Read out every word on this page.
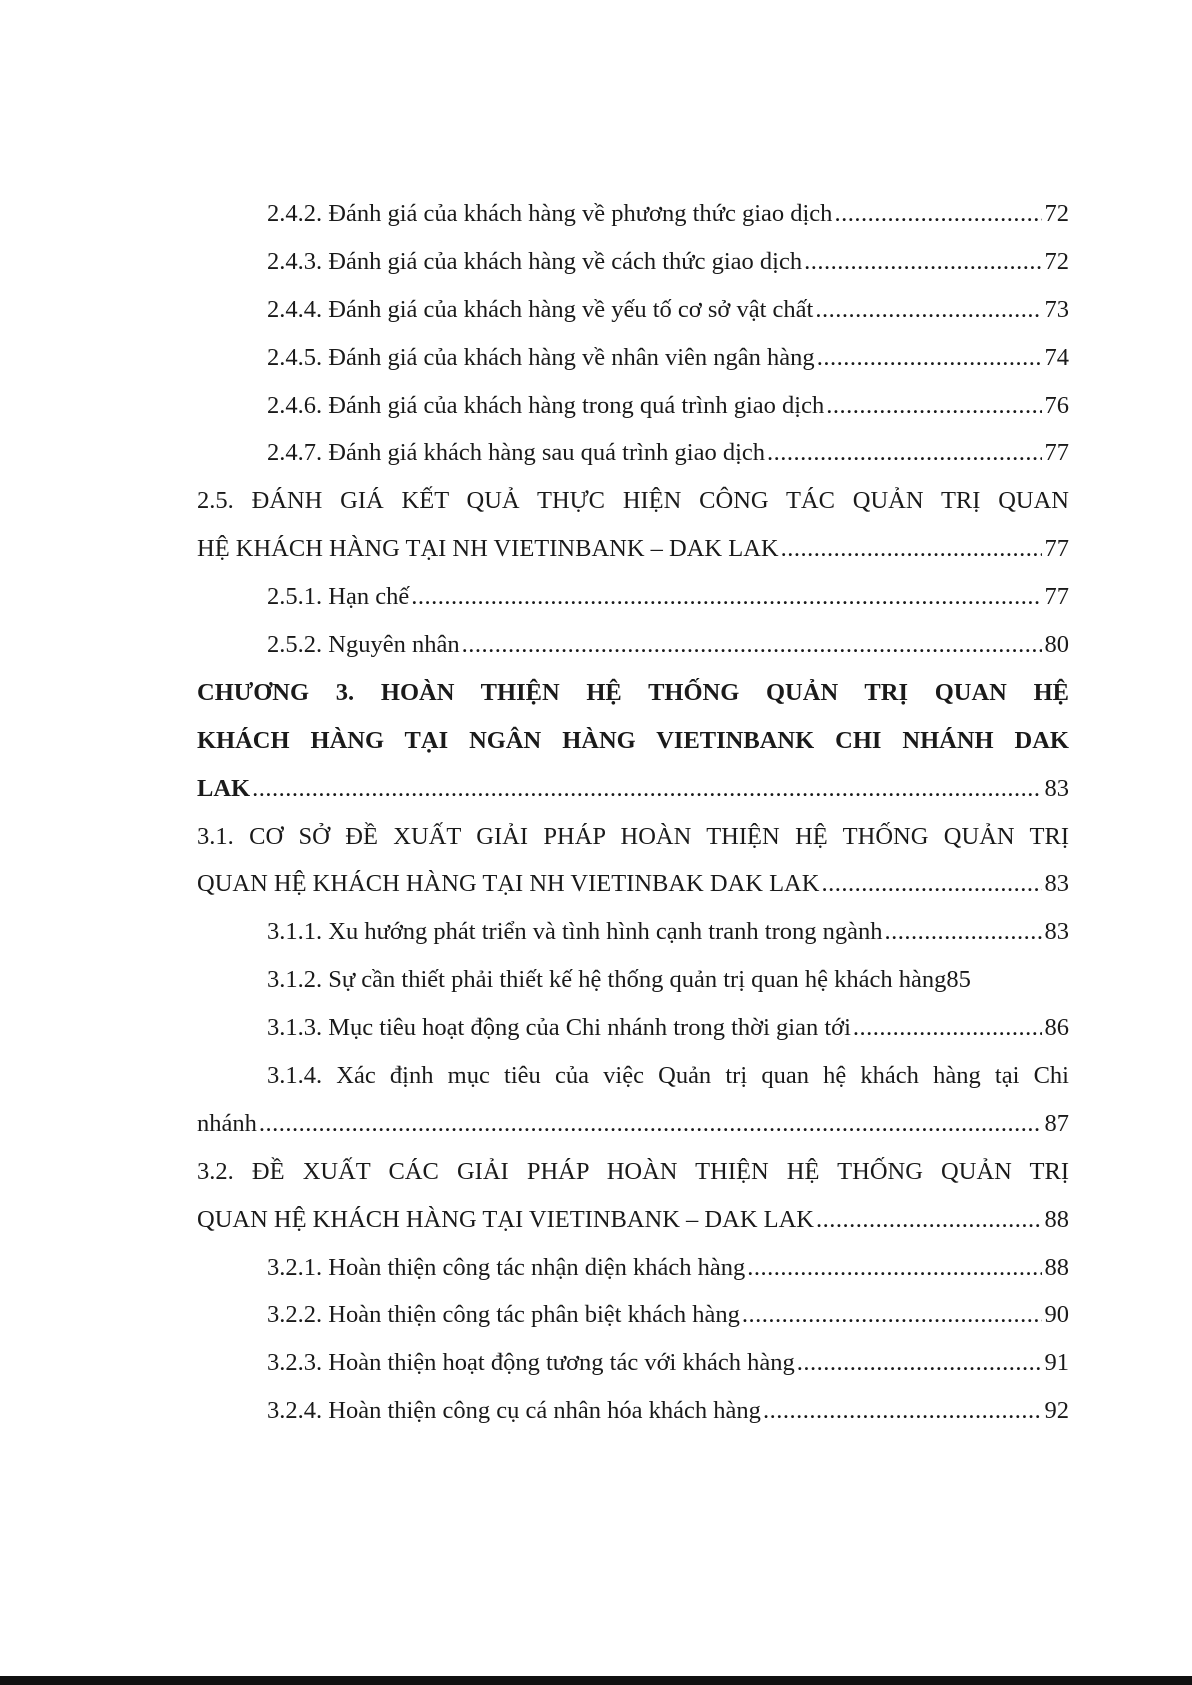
2.4.2. Đánh giá của khách hàng về phương thức giao dịch .....	72
2.4.3. Đánh giá của khách hàng về cách thức giao dịch .....	72
2.4.4. Đánh giá của khách hàng về yếu tố cơ sở vật chất .....	73
2.4.5. Đánh giá của khách hàng về nhân viên ngân hàng .....	74
2.4.6. Đánh giá của khách hàng trong quá trình giao dịch .....	76
2.4.7. Đánh giá khách hàng sau quá trình giao dịch .....	77
2.5. ĐÁNH GIÁ KẾT QUẢ THỰC HIỆN CÔNG TÁC QUẢN TRỊ QUAN
HỆ KHÁCH HÀNG TẠI NH VIETINBANK – DAK LAK .....	77
2.5.1. Hạn chế .....	77
2.5.2. Nguyên nhân .....	80
CHƯƠNG 3. HOÀN THIỆN HỆ THỐNG QUẢN TRỊ QUAN HỆ
KHÁCH HÀNG TẠI NGÂN HÀNG VIETINBANK CHI NHÁNH DAK
LAK .....	83
3.1. CƠ SỞ ĐỀ XUẤT GIẢI PHÁP HOÀN THIỆN HỆ THỐNG QUẢN TRỊ
QUAN HỆ KHÁCH HÀNG TẠI NH VIETINBAK DAK LAK .....	83
3.1.1. Xu hướng phát triển và tình hình cạnh tranh trong ngành .....	83
3.1.2. Sự cần thiết phải thiết kế hệ thống quản trị quan hệ khách hàng 85
3.1.3. Mục tiêu hoạt động của Chi nhánh trong thời gian tới .....	86
3.1.4. Xác định mục tiêu của việc Quản trị quan hệ khách hàng tại Chi
nhánh .....	87
3.2. ĐỀ XUẤT CÁC GIẢI PHÁP HOÀN THIỆN HỆ THỐNG QUẢN TRỊ
QUAN HỆ KHÁCH HÀNG TẠI VIETINBANK – DAK LAK .....	88
3.2.1. Hoàn thiện công tác nhận diện khách hàng .....	88
3.2.2. Hoàn thiện công tác phân biệt khách hàng .....	90
3.2.3. Hoàn thiện hoạt động tương tác với khách hàng .....	91
3.2.4. Hoàn thiện công cụ cá nhân hóa khách hàng .....	92
